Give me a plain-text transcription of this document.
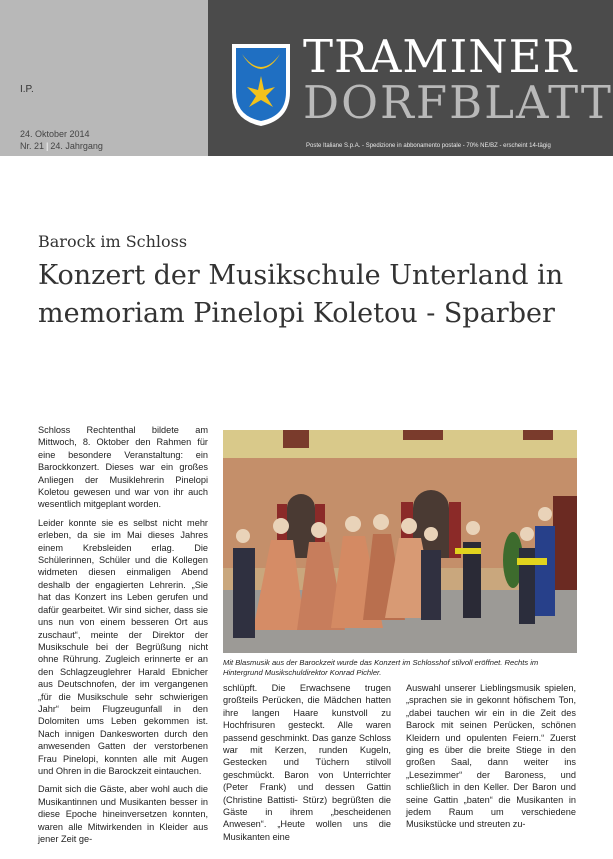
I.P.
24. Oktober 2014
Nr. 21 | 24. Jahrgang
TRAMINER
DORFBLATT
Poste Italiane S.p.A. - Spedizione in abbonamento postale - 70% NE/BZ - erscheint 14-tägig
Barock im Schloss
Konzert der Musikschule Unterland in memoriam Pinelopi Koletou - Sparber

Schloss Rechtenthal bildete am Mittwoch, 8. Oktober den Rahmen für eine besondere Veranstaltung: ein Barockkonzert. Dieses war ein großes Anliegen der Musiklehrerin Pinelopi Koletou gewesen und war von ihr auch wesentlich mitgeplant worden.

Leider konnte sie es selbst nicht mehr erleben, da sie im Mai dieses Jahres einem Krebsleiden erlag. Die Schülerinnen, Schüler und die Kollegen widmeten diesen einmaligen Abend deshalb der engagierten Lehrerin. „Sie hat das Konzert ins Leben gerufen und dafür gearbeitet. Wir sind sicher, dass sie uns nun von einem besseren Ort aus zuschaut“, meinte der Direktor der Musikschule bei der Begrüßung nicht ohne Rührung. Zugleich erinnerte er an den Schlagzeuglehrer Harald Ebnicher aus Deutschnofen, der im vergangenen „für die Musikschule sehr schwierigen Jahr“ beim Flugzeugunfall in den Dolomiten ums Leben gekommen ist. Nach innigen Dankesworten durch den anwesenden Gatten der verstorbenen Frau Pinelopi, konnten alle mit Augen und Ohren in die Barockzeit eintauchen.

Damit sich die Gäste, aber wohl auch die Musikantinnen und Musikanten besser in diese Epoche hineinversetzen konnten, waren alle Mitwirkenden in Kleider aus jener Zeit ge-

Mit Blasmusik aus der Barockzeit wurde das Konzert im Schlosshof stilvoll eröffnet. Rechts im Hintergrund Musikschuldirektor Konrad Pichler.

schlüpft. Die Erwachsene trugen großteils Perücken, die Mädchen hatten ihre langen Haare kunstvoll zu Hochfrisuren gesteckt. Alle waren passend geschminkt. Das ganze Schloss war mit Kerzen, runden Kugeln, Gestecken und Tüchern stilvoll geschmückt. Baron von Unterrichter (Peter Frank) und dessen Gattin (Christine Battisti- Stürz) begrüßten die Gäste in ihrem „bescheidenen Anwesen“. „Heute wollen uns die Musikanten eine

Auswahl unserer Lieblingsmusik spielen, „sprachen sie in gekonnt höfischem Ton, „dabei tauchen wir ein in die Zeit des Barock mit seinen Perücken, schönen Kleidern und opulenten Feiern.“ Zuerst ging es über die breite Stiege in den großen Saal, dann weiter ins „Lesezimmer“ der Baroness, und schließlich in den Keller. Der Baron und seine Gattin „baten“ die Musikanten in jedem Raum um verschiedene Musikstücke und streuten zu-
